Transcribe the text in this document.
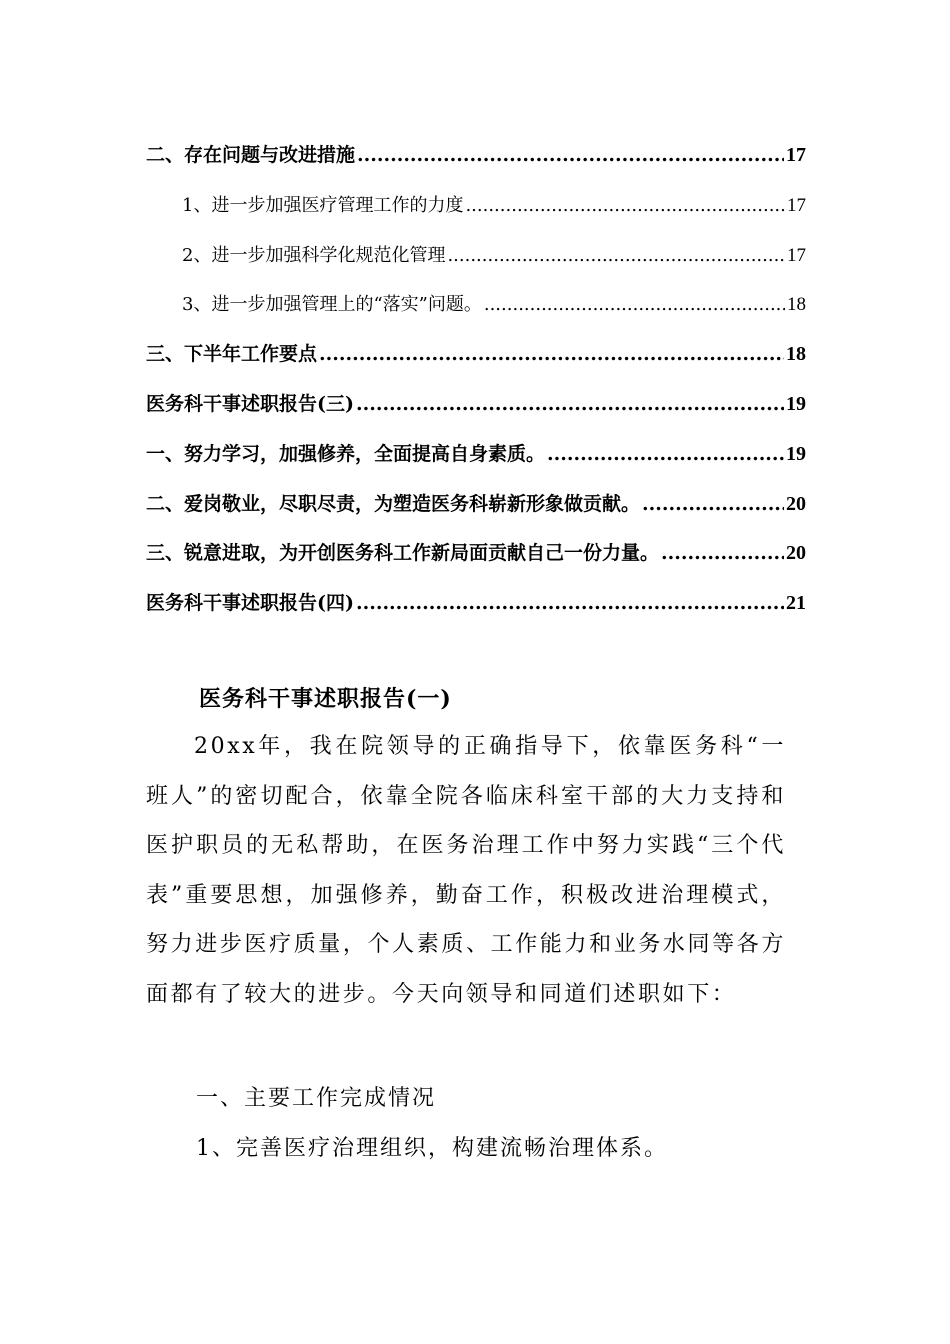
二、存在问题与改进措施 .....	17
1、进一步加强医疗管理工作的力度 .....	17
2、进一步加强科学化规范化管理 .....	17
3、进一步加强管理上的“落实”问题。 .....	18
三、下半年工作要点 .....	18
医务科干事述职报告(三) .....	19
一、努力学习，加强修养，全面提高自身素质。 .....	19
二、爱岗敬业，尽职尽责，为塑造医务科崭新形象做贡献。 .....	20
三、锐意进取，为开创医务科工作新局面贡献自己一份力量。 .....	20
医务科干事述职报告(四) .....	21
医务科干事述职报告(一)

20xx年，我在院领导的正确指导下，依靠医务科“一班人”的密切配合，依靠全院各临床科室干部的大力支持和医护职员的无私帮助，在医务治理工作中努力实践“三个代表”重要思想，加强修养，勤奋工作，积极改进治理模式，努力进步医疗质量，个人素质、工作能力和业务水同等各方面都有了较大的进步。今天向领导和同道们述职如下：

一、主要工作完成情况

1、完善医疗治理组织，构建流畅治理体系。
